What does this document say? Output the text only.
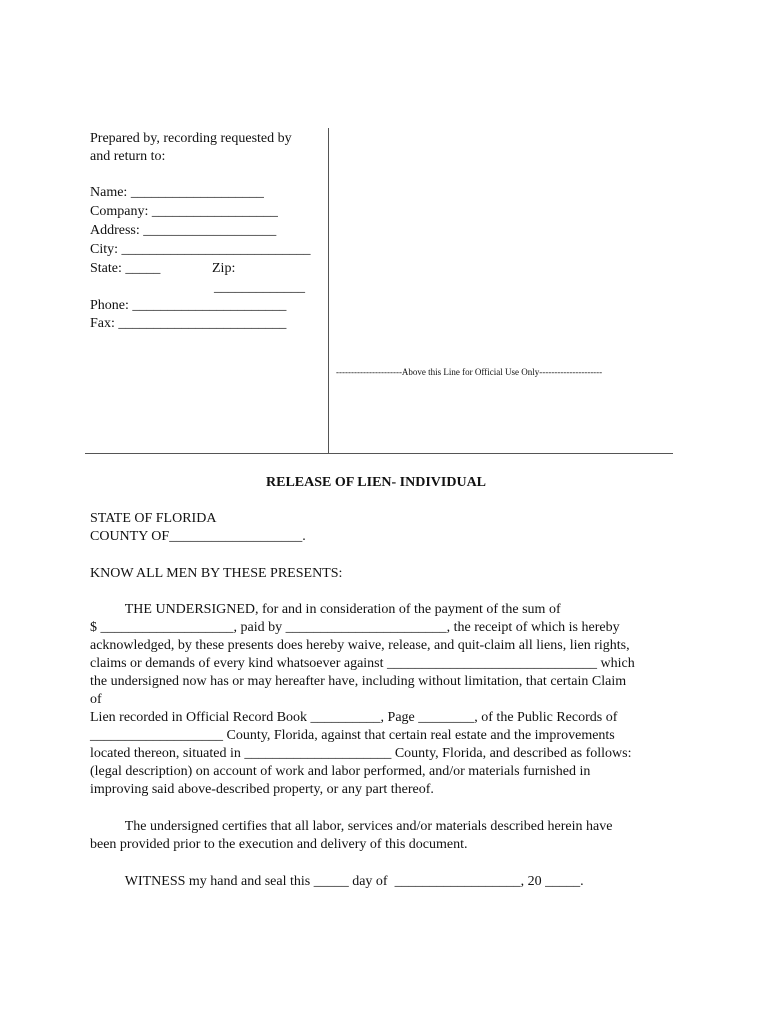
Prepared by, recording requested by
and return to:
Name: ___________________
Company: __________________
Address: ___________________
City: ___________________________
State: _____	Zip:
_____________
Phone: ______________________
Fax: ________________________
----------------------Above this Line for Official Use Only---------------------
RELEASE OF LIEN- INDIVIDUAL
STATE OF FLORIDA
COUNTY OF___________________.
KNOW ALL MEN BY THESE PRESENTS:
THE UNDERSIGNED, for and in consideration of the payment of the sum of
$ ___________________, paid by _______________________, the receipt of which is hereby
acknowledged, by these presents does hereby waive, release, and quit-claim all liens, lien rights,
claims or demands of every kind whatsoever against ______________________________ which
the undersigned now has or may hereafter have, including without limitation, that certain Claim
of
Lien recorded in Official Record Book __________, Page ________, of the Public Records of
___________________ County, Florida, against that certain real estate and the improvements
located thereon, situated in _____________________ County, Florida, and described as follows:
(legal description) on account of work and labor performed, and/or materials furnished in
improving said above-described property, or any part thereof.
The undersigned certifies that all labor, services and/or materials described herein have
been provided prior to the execution and delivery of this document.
WITNESS my hand and seal this _____ day of  __________________, 20 _____.
